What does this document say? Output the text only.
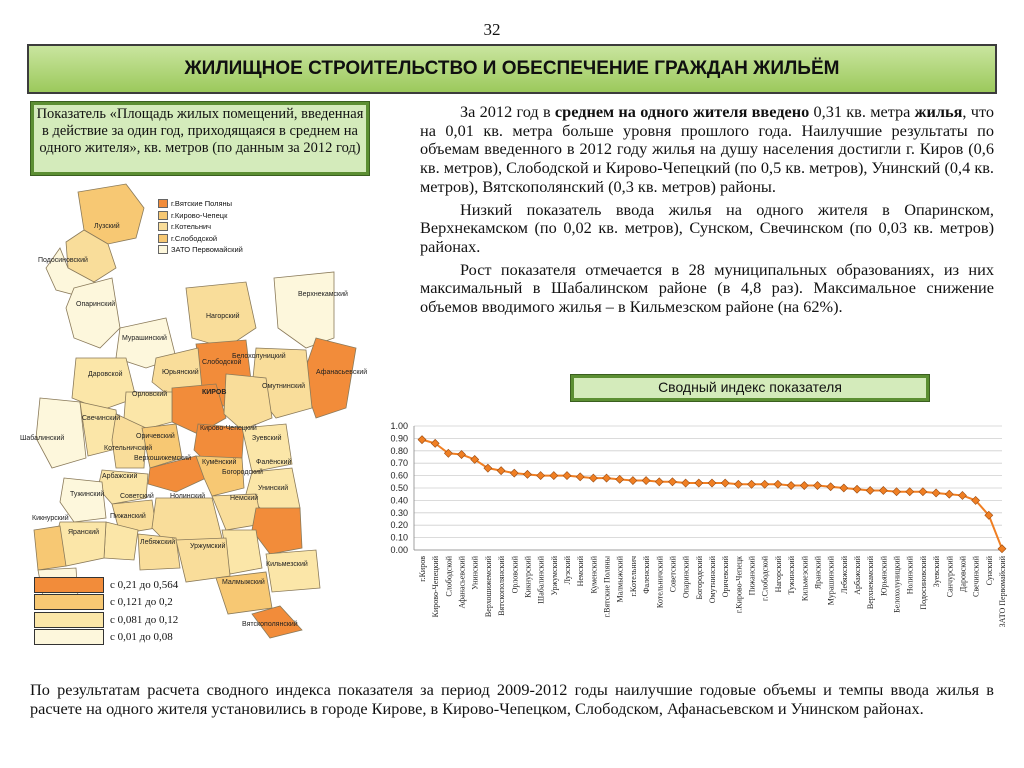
32
ЖИЛИЩНОЕ СТРОИТЕЛЬСТВО И ОБЕСПЕЧЕНИЕ ГРАЖДАН ЖИЛЬЁМ
Показатель «Площадь жилых помещений, введенная в действие за один год, приходящаяся в среднем на одного жителя», кв. метров (по данным за 2012 год)

За 2012 год в среднем на одного жителя введено 0,31 кв. метра жилья, что на 0,01 кв. метра больше уровня прошлого года. Наилучшие результаты по объемам введенного в 2012 году жилья на душу населения достигли г. Киров (0,6 кв. метров), Слободской и Кирово-Чепецкий (по 0,5 кв. метров), Унинский (0,4 кв. метров), Вятскополянский (0,3 кв. метров) районы.

Низкий показатель ввода жилья на одного жителя в Опаринском, Верхнекамском (по 0,02 кв. метров), Сунском, Свечинском (по 0,03 кв. метров) районах.

Рост показателя отмечается в 28 муниципальных образованиях, из них максимальный в Шабалинском районе (в 4,8 раз). Максимальное снижение объемов вводимого жилья – в Кильмезском районе (на 62%).

Сводный индекс показателя
Лузский
Подосиновский
Опаринский
Мурашинский
Нагорский
Верхнекамский
Даровской	Юрьянский
Слободской
Белохолуницкий
Афанасьевский
Омутнинский
Орловский	КИРОВ
Свечинский
Шабалинский	Оричевский
Кирово-Чепецкий
Зуевский
Котельничский
Верхошижемский
Кумёнский	Фалёнский
Арбажский
Богородский
Унинский
Тужинский Советский
Пижанский
Нолинский
Яранский
Немский
Кикнурский
Лебяжский
Уржумский
Малмыжский
Кильмезский
Вятскополянский
г.Вятские Поляны
г.Кирово-Чепецк
г.Котельнич
г.Слободской
ЗАТО Первомайский
с 0,21 до 0,564
с 0,121 до 0,2
с 0,081 до 0,12
с 0,01 до 0,08
0.00
0.10
0.20
0.30
0.40
0.50
0.60
0.70
0.80
0.90
1.00
г.Киров Кирово-Чепецкий Слободской Афанасьевский Унинский Верхошижемский Вятскополянский Орловский Кикнурский Шабалинский Уржумский Лузский Немский Куменский г.Вятские Поляны Малмыжский г.Котельнич Фаленский Котельничский Советский Опаринский Богородский Омутнинский Оричевский г.Кирово-Чепецк Пижанский г.Слободской Нагорский Тужинский Кильмезский Яранский Мурашинский Лебяжский Арбажский Верхнекамский Юрьянский Белохолуницкий Нолинский Подосиновский Зуевский Санчурский Даровской Свечинский Сунский ЗАТО Первомайский
По результатам расчета сводного индекса показателя за период 2009-2012 годы наилучшие годовые объемы и темпы ввода жилья в расчете на одного жителя установились в городе Кирове, в Кирово-Чепецком, Слободском, Афанасьевском и Унинском районах.
